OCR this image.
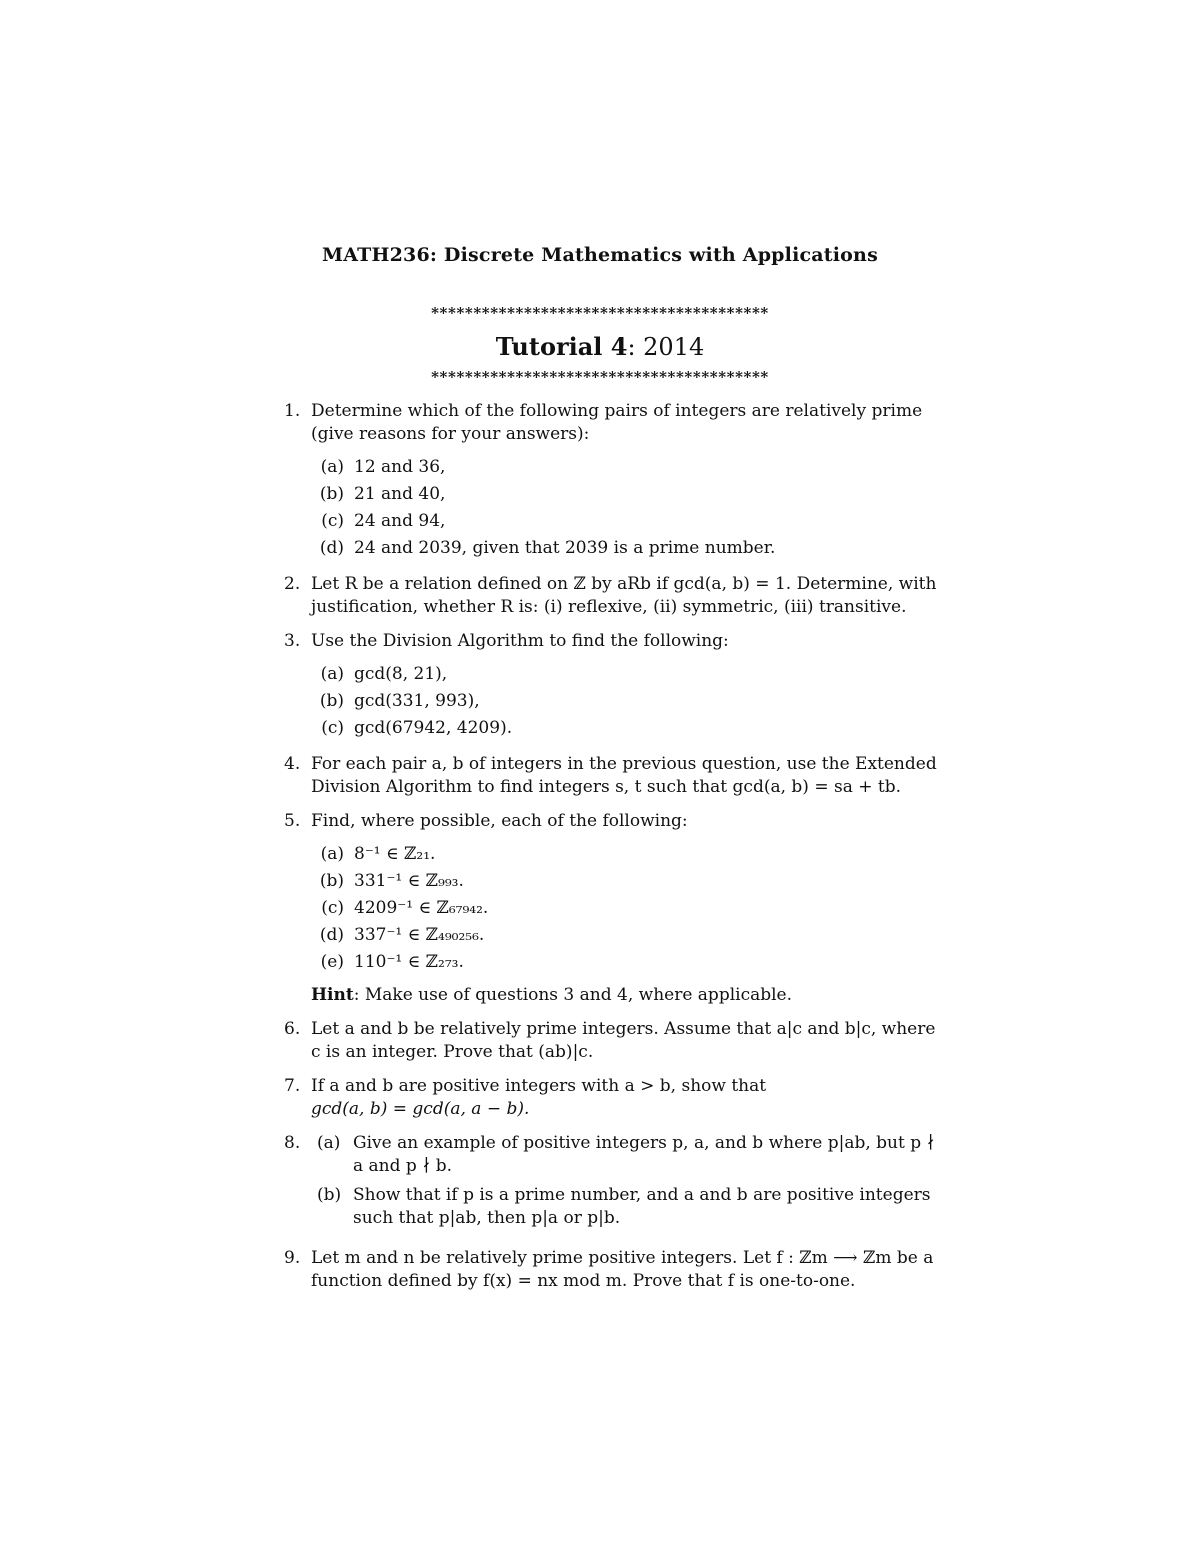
MATH236: Discrete Mathematics with Applications
****************************************
Tutorial 4: 2014
****************************************
1. Determine which of the following pairs of integers are relatively prime (give reasons for your answers):
(a) 12 and 36,
(b) 21 and 40,
(c) 24 and 94,
(d) 24 and 2039, given that 2039 is a prime number.
2. Let R be a relation defined on ℤ by aRb if gcd(a, b) = 1. Determine, with justification, whether R is: (i) reflexive, (ii) symmetric, (iii) transitive.
3. Use the Division Algorithm to find the following:
(a) gcd(8, 21),
(b) gcd(331, 993),
(c) gcd(67942, 4209).
4. For each pair a, b of integers in the previous question, use the Extended Division Algorithm to find integers s, t such that gcd(a, b) = sa + tb.
5. Find, where possible, each of the following:
(a) 8⁻¹ ∈ ℤ₂₁.
(b) 331⁻¹ ∈ ℤ₉₉₃.
(c) 4209⁻¹ ∈ ℤ₆₇₉₄₂.
(d) 337⁻¹ ∈ ℤ₄₉₀₂₅₆.
(e) 110⁻¹ ∈ ℤ₂₇₃.
Hint: Make use of questions 3 and 4, where applicable.
6. Let a and b be relatively prime integers. Assume that a|c and b|c, where c is an integer. Prove that (ab)|c.
7. If a and b are positive integers with a > b, show that
gcd(a, b) = gcd(a, a − b).
8. (a) Give an example of positive integers p, a, and b where p|ab, but p ∤ a and p ∤ b.
(b) Show that if p is a prime number, and a and b are positive integers such that p|ab, then p|a or p|b.
9. Let m and n be relatively prime positive integers. Let f : ℤm ⟶ ℤm be a function defined by f(x) = nx mod m. Prove that f is one-to-one.
